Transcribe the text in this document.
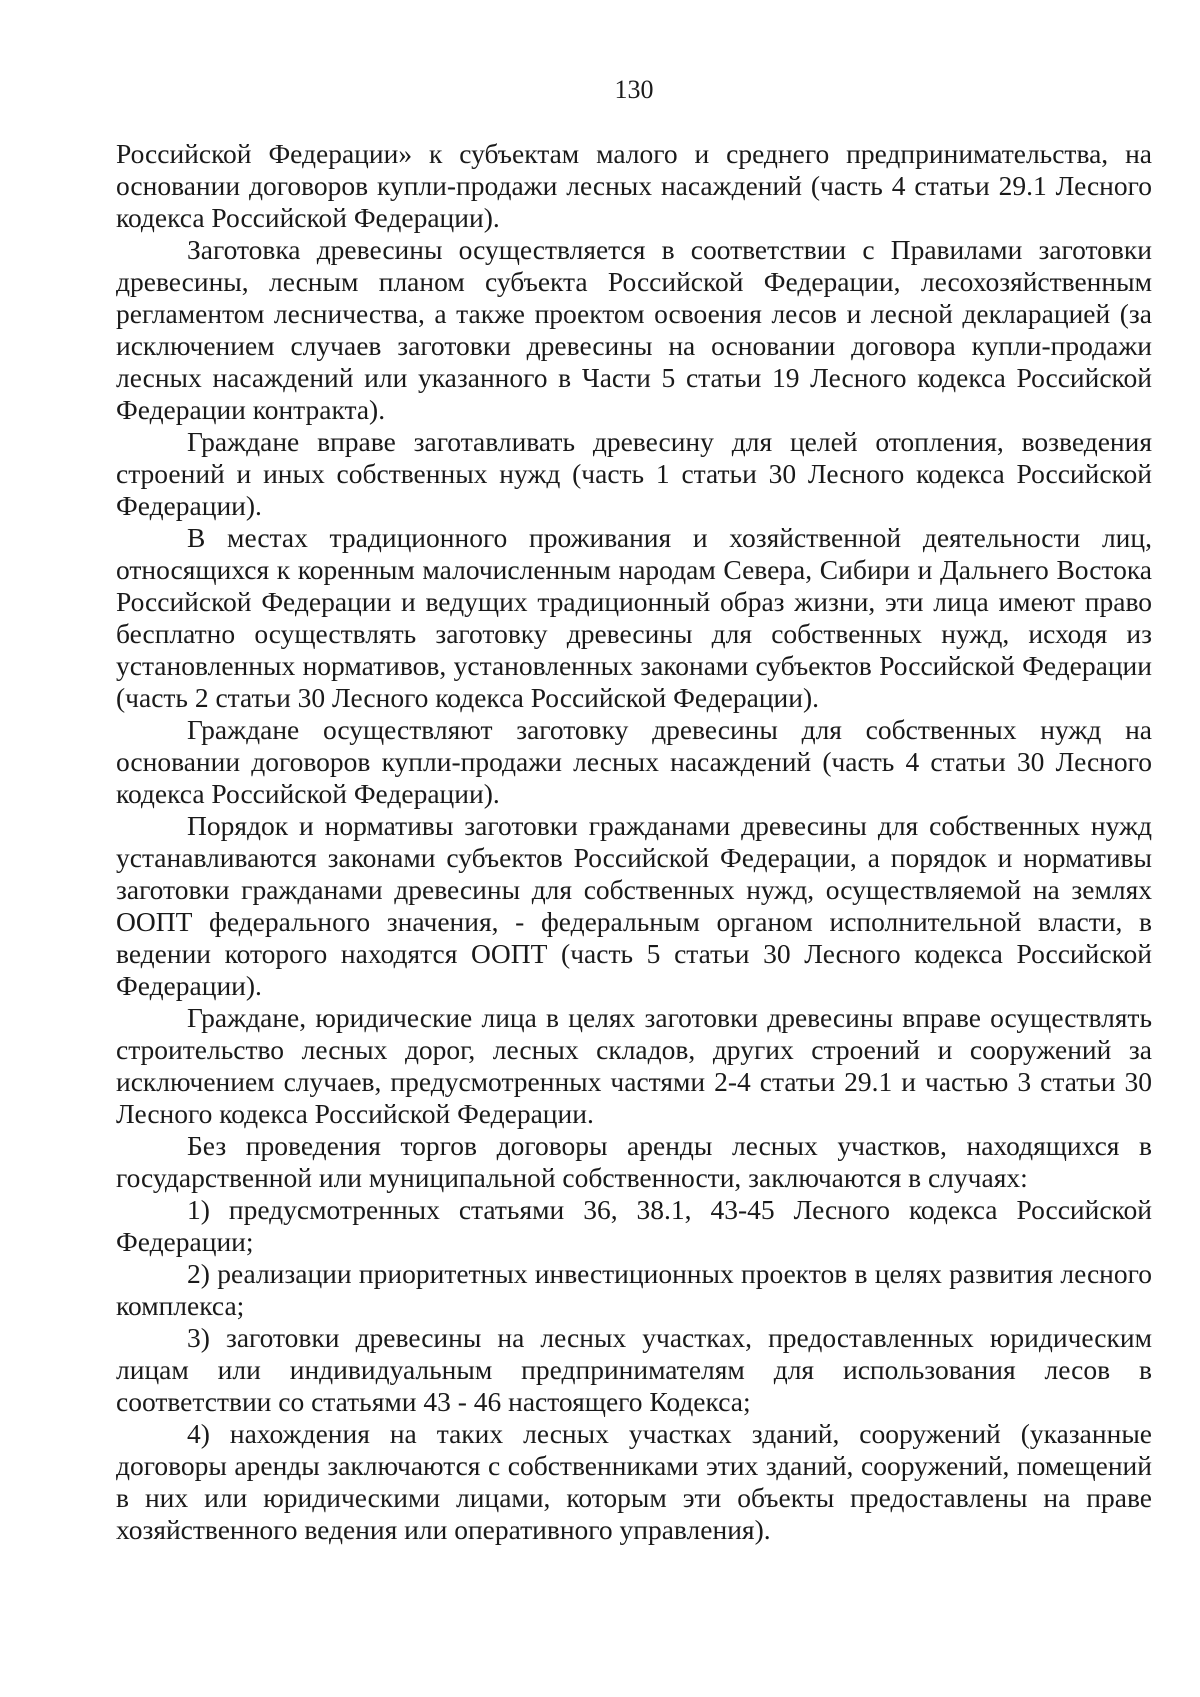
130

Российской Федерации» к субъектам малого и среднего предпринимательства, на основании договоров купли-продажи лесных насаждений (часть 4 статьи 29.1 Лесного кодекса Российской Федерации).

Заготовка древесины осуществляется в соответствии с Правилами заготовки древесины, лесным планом субъекта Российской Федерации, лесохозяйственным регламентом лесничества, а также проектом освоения лесов и лесной декларацией (за исключением случаев заготовки древесины на основании договора купли-продажи лесных насаждений или указанного в Части 5 статьи 19 Лесного кодекса Российской Федерации контракта).

Граждане вправе заготавливать древесину для целей отопления, возведения строений и иных собственных нужд (часть 1 статьи 30 Лесного кодекса Российской Федерации).

В местах традиционного проживания и хозяйственной деятельности лиц, относящихся к коренным малочисленным народам Севера, Сибири и Дальнего Востока Российской Федерации и ведущих традиционный образ жизни, эти лица имеют право бесплатно осуществлять заготовку древесины для собственных нужд, исходя из установленных нормативов, установленных законами субъектов Российской Федерации (часть 2 статьи 30 Лесного кодекса Российской Федерации).

Граждане осуществляют заготовку древесины для собственных нужд на основании договоров купли-продажи лесных насаждений (часть 4 статьи 30 Лесного кодекса Российской Федерации).

Порядок и нормативы заготовки гражданами древесины для собственных нужд устанавливаются законами субъектов Российской Федерации, а порядок и нормативы заготовки гражданами древесины для собственных нужд, осуществляемой на землях ООПТ федерального значения, - федеральным органом исполнительной власти, в ведении которого находятся ООПТ (часть 5 статьи 30 Лесного кодекса Российской Федерации).

Граждане, юридические лица в целях заготовки древесины вправе осуществлять строительство лесных дорог, лесных складов, других строений и сооружений за исключением случаев, предусмотренных частями 2-4 статьи 29.1 и частью 3 статьи 30 Лесного кодекса Российской Федерации.

Без проведения торгов договоры аренды лесных участков, находящихся в государственной или муниципальной собственности, заключаются в случаях:

1) предусмотренных статьями 36, 38.1, 43-45 Лесного кодекса Российской Федерации;

2) реализации приоритетных инвестиционных проектов в целях развития лесного комплекса;

3) заготовки древесины на лесных участках, предоставленных юридическим лицам или индивидуальным предпринимателям для использования лесов в соответствии со статьями 43 - 46 настоящего Кодекса;

4) нахождения на таких лесных участках зданий, сооружений (указанные договоры аренды заключаются с собственниками этих зданий, сооружений, помещений в них или юридическими лицами, которым эти объекты предоставлены на праве хозяйственного ведения или оперативного управления).
